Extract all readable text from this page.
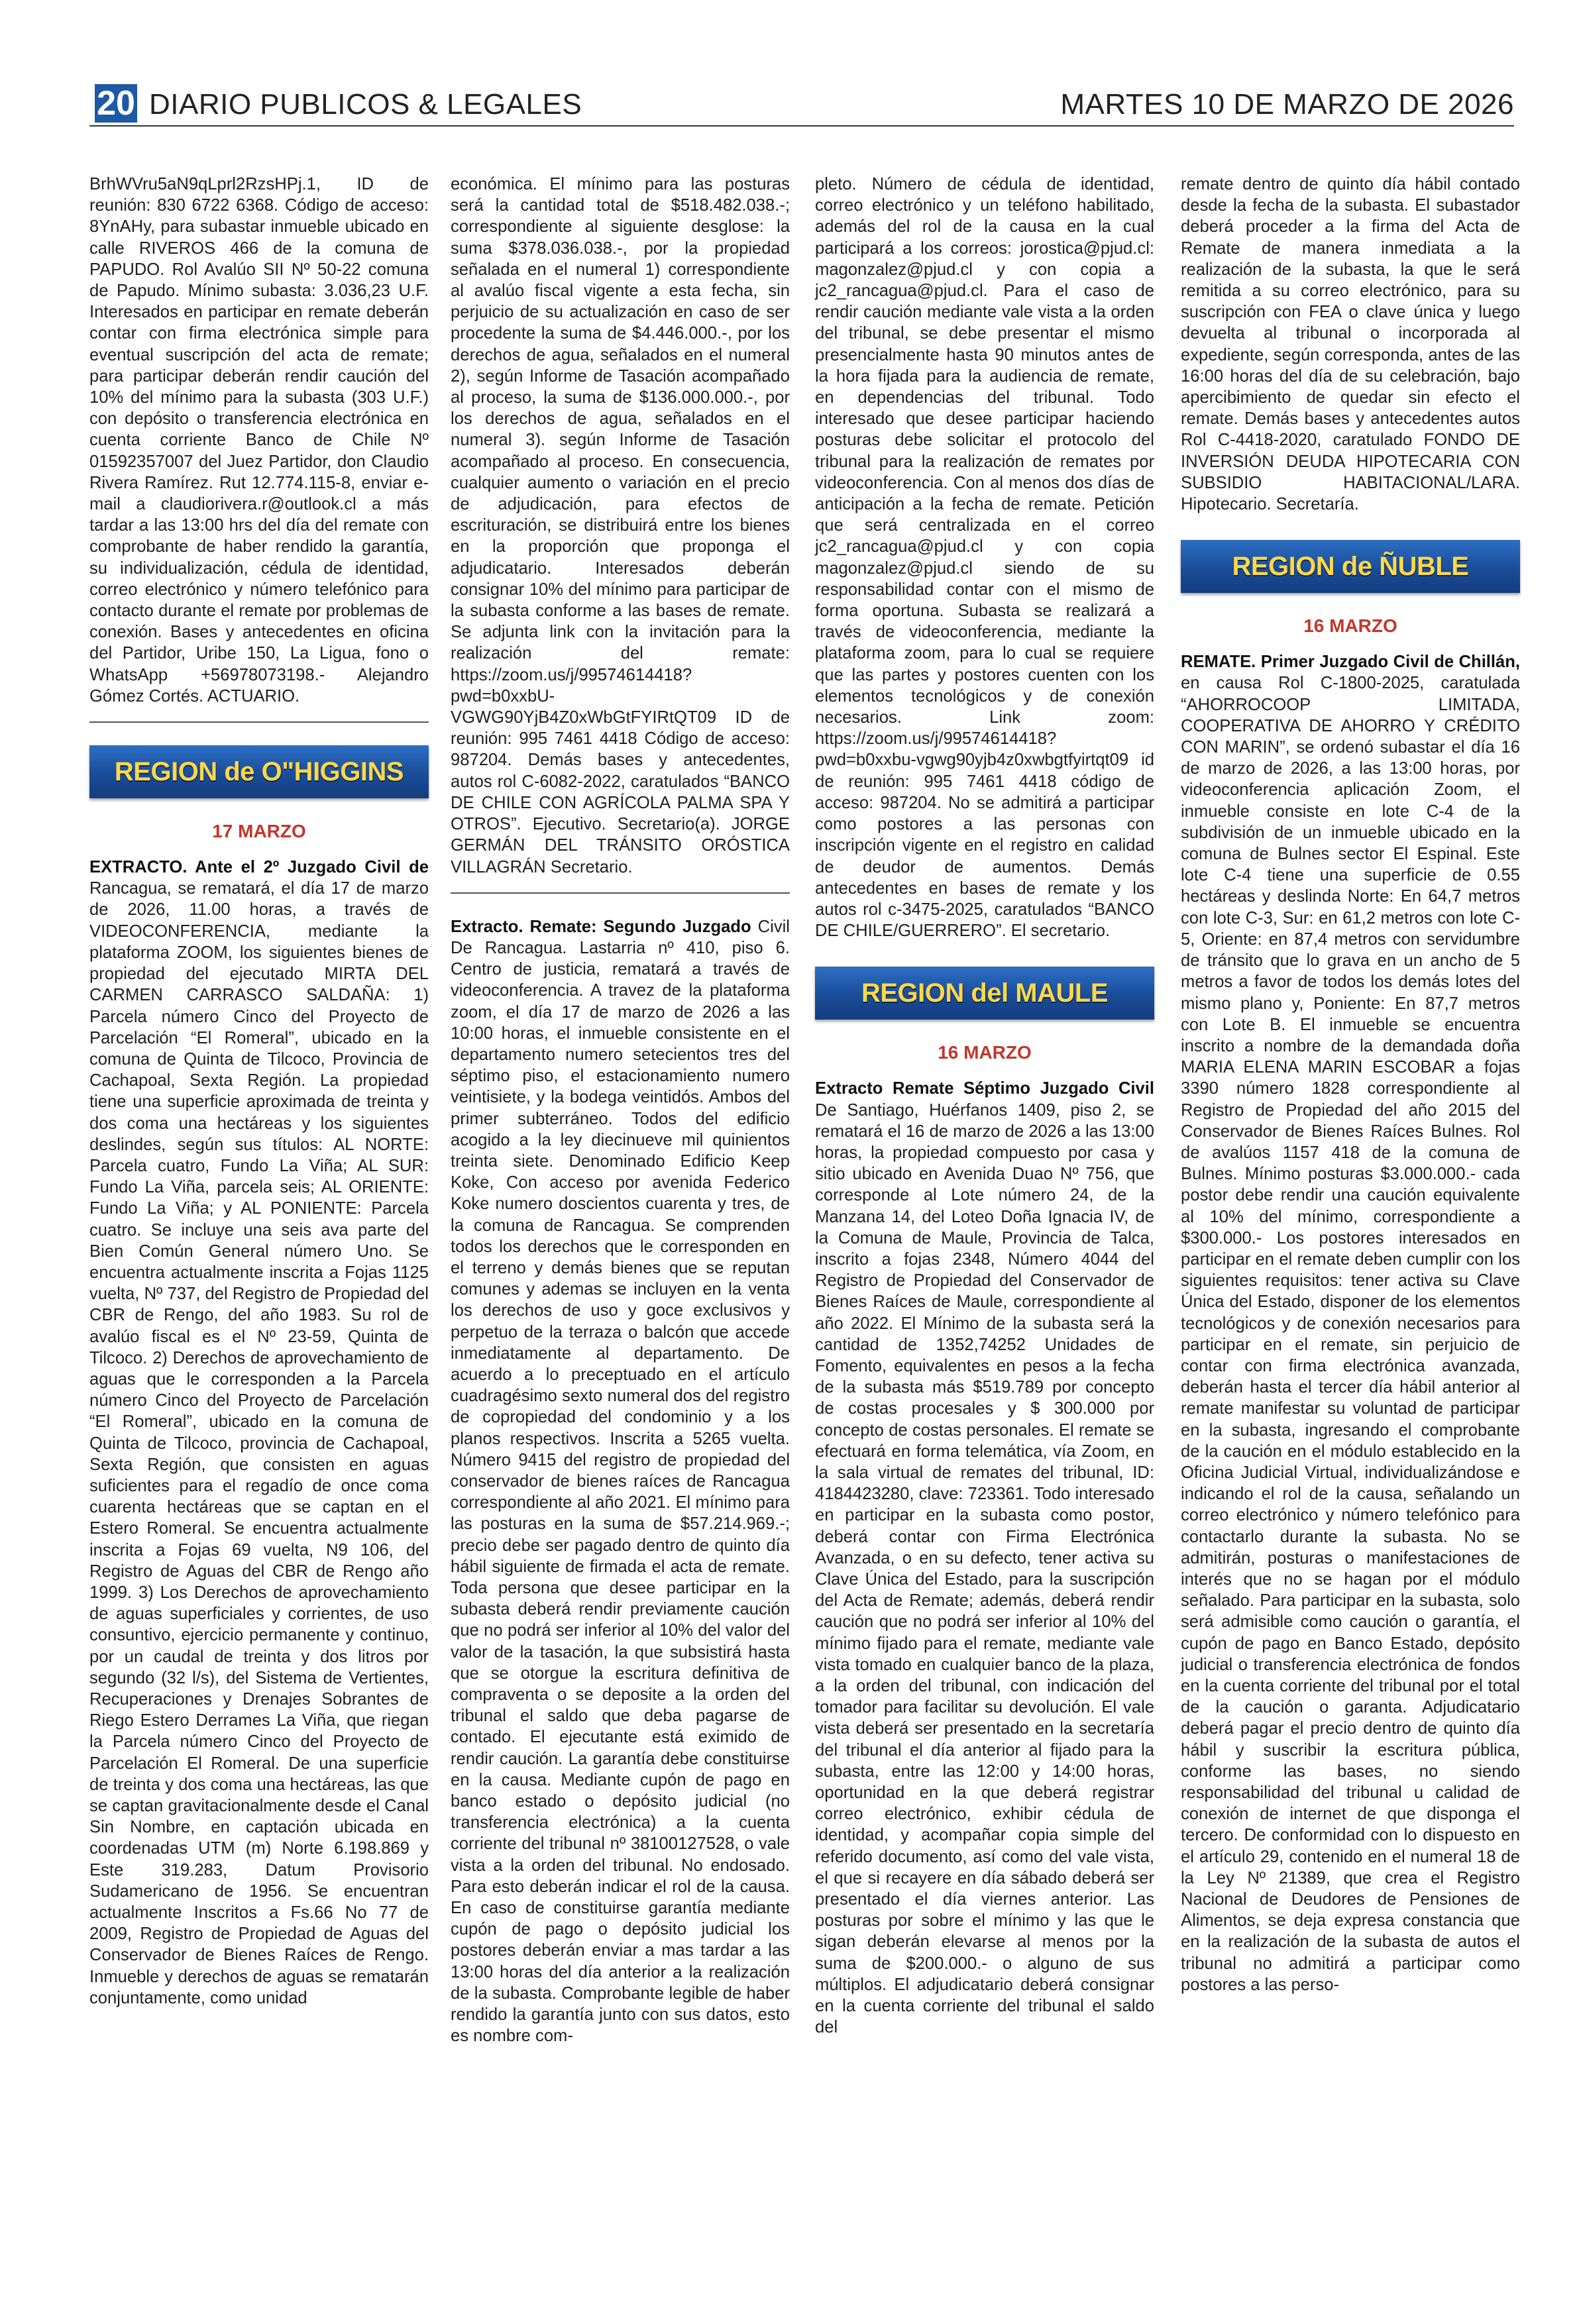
20 DIARIO PUBLICOS & LEGALES	MARTES 10 DE MARZO DE 2026

BrhWVru5aN9qLprl2RzsHPj.1, ID de reunión: 830 6722 6368. Código de acceso: 8YnAHy, para subastar inmueble ubicado en calle RIVEROS 466 de la comuna de PAPUDO. Rol Avalúo SII Nº 50-22 comuna de Papudo. Mínimo subasta: 3.036,23 U.F. Interesados en participar en remate deberán contar con firma electrónica simple para eventual suscripción del acta de remate; para participar deberán rendir caución del 10% del mínimo para la subasta (303 U.F.) con depósito o transferencia electrónica en cuenta corriente Banco de Chile Nº 01592357007 del Juez Partidor, don Claudio Rivera Ramírez. Rut 12.774.115-8, enviar e-mail a claudiorivera.r@outlook.cl a más tardar a las 13:00 hrs del día del remate con comprobante de haber rendido la garantía, su individualización, cédula de identidad, correo electrónico y número telefónico para contacto durante el remate por problemas de conexión. Bases y antecedentes en oficina del Partidor, Uribe 150, La Ligua, fono o WhatsApp +56978073198.- Alejandro Gómez Cortés. ACTUARIO.

REGION de O"HIGGINS
17 MARZO

EXTRACTO. Ante el 2º Juzgado Civil de Rancagua, se rematará, el día 17 de marzo de 2026, 11.00 horas, a través de VIDEOCONFERENCIA, mediante la plataforma ZOOM, los siguientes bienes de propiedad del ejecutado MIRTA DEL CARMEN CARRASCO SALDAÑA: 1) Parcela número Cinco del Proyecto de Parcelación “El Romeral”, ubicado en la comuna de Quinta de Tilcoco, Provincia de Cachapoal, Sexta Región. La propiedad tiene una superficie aproximada de treinta y dos coma una hectáreas y los siguientes deslindes, según sus títulos: AL NORTE: Parcela cuatro, Fundo La Viña; AL SUR: Fundo La Viña, parcela seis; AL ORIENTE: Fundo La Viña; y AL PONIENTE: Parcela cuatro. Se incluye una seis ava parte del Bien Común General número Uno. Se encuentra actualmente inscrita a Fojas 1125 vuelta, Nº 737, del Registro de Propiedad del CBR de Rengo, del año 1983. Su rol de avalúo fiscal es el Nº 23-59, Quinta de Tilcoco. 2) Derechos de aprovechamiento de aguas que le corresponden a la Parcela número Cinco del Proyecto de Parcelación “El Romeral”, ubicado en la comuna de Quinta de Tilcoco, provincia de Cachapoal, Sexta Región, que consisten en aguas suficientes para el regadío de once coma cuarenta hectáreas que se captan en el Estero Romeral. Se encuentra actualmente inscrita a Fojas 69 vuelta, N9 106, del Registro de Aguas del CBR de Rengo año 1999. 3) Los Derechos de aprovechamiento de aguas superficiales y corrientes, de uso consuntivo, ejercicio permanente y continuo, por un caudal de treinta y dos litros por segundo (32 l/s), del Sistema de Vertientes, Recuperaciones y Drenajes Sobrantes de Riego Estero Derrames La Viña, que riegan la Parcela número Cinco del Proyecto de Parcelación El Romeral. De una superficie de treinta y dos coma una hectáreas, las que se captan gravitacionalmente desde el Canal Sin Nombre, en captación ubicada en coordenadas UTM (m) Norte 6.198.869 y Este 319.283, Datum Provisorio Sudamericano de 1956. Se encuentran actualmente Inscritos a Fs.66 No 77 de 2009, Registro de Propiedad de Aguas del Conservador de Bienes Raíces de Rengo. Inmueble y derechos de aguas se rematarán conjuntamente, como unidad

económica. El mínimo para las posturas será la cantidad total de $518.482.038.-; correspondiente al siguiente desglose: la suma $378.036.038.-, por la propiedad señalada en el numeral 1) correspondiente al avalúo fiscal vigente a esta fecha, sin perjuicio de su actualización en caso de ser procedente la suma de $4.446.000.-, por los derechos de agua, señalados en el numeral 2), según Informe de Tasación acompañado al proceso, la suma de $136.000.000.-, por los derechos de agua, señalados en el numeral 3). según Informe de Tasación acompañado al proceso. En consecuencia, cualquier aumento o variación en el precio de adjudicación, para efectos de escrituración, se distribuirá entre los bienes en la proporción que proponga el adjudicatario. Interesados deberán consignar 10% del mínimo para participar de la subasta conforme a las bases de remate. Se adjunta link con la invitación para la realización del remate: https://zoom.us/j/99574614418?pwd=b0xxbU-VGWG90YjB4Z0xWbGtFYIRtQT09 ID de reunión: 995 7461 4418 Código de acceso: 987204. Demás bases y antecedentes, autos rol C-6082-2022, caratulados “BANCO DE CHILE CON AGRÍCOLA PALMA SPA Y OTROS”. Ejecutivo. Secretario(a). JORGE GERMÁN DEL TRÁNSITO ORÓSTICA VILLAGRÁN Secretario.

Extracto. Remate: Segundo Juzgado Civil De Rancagua. Lastarria nº 410, piso 6. Centro de justicia, rematará a través de videoconferencia. A travez de la plataforma zoom, el día 17 de marzo de 2026 a las 10:00 horas, el inmueble consistente en el departamento numero setecientos tres del séptimo piso, el estacionamiento numero veintisiete, y la bodega veintidós. Ambos del primer subterráneo. Todos del edificio acogido a la ley diecinueve mil quinientos treinta siete. Denominado Edificio Keep Koke, Con acceso por avenida Federico Koke numero doscientos cuarenta y tres, de la comuna de Rancagua. Se comprenden todos los derechos que le corresponden en el terreno y demás bienes que se reputan comunes y ademas se incluyen en la venta los derechos de uso y goce exclusivos y perpetuo de la terraza o balcón que accede inmediatamente al departamento. De acuerdo a lo preceptuado en el artículo cuadragésimo sexto numeral dos del registro de copropiedad del condominio y a los planos respectivos. Inscrita a 5265 vuelta. Número 9415 del registro de propiedad del conservador de bienes raíces de Rancagua correspondiente al año 2021. El mínimo para las posturas en la suma de $57.214.969.-; precio debe ser pagado dentro de quinto día hábil siguiente de firmada el acta de remate. Toda persona que desee participar en la subasta deberá rendir previamente caución que no podrá ser inferior al 10% del valor del valor de la tasación, la que subsistirá hasta que se otorgue la escritura definitiva de compraventa o se deposite a la orden del tribunal el saldo que deba pagarse de contado. El ejecutante está eximido de rendir caución. La garantía debe constituirse en la causa. Mediante cupón de pago en banco estado o depósito judicial (no transferencia electrónica) a la cuenta corriente del tribunal nº 38100127528, o vale vista a la orden del tribunal. No endosado. Para esto deberán indicar el rol de la causa. En caso de constituirse garantía mediante cupón de pago o depósito judicial los postores deberán enviar a mas tardar a las 13:00 horas del día anterior a la realización de la subasta. Comprobante legible de haber rendido la garantía junto con sus datos, esto es nombre com-

pleto. Número de cédula de identidad, correo electrónico y un teléfono habilitado, además del rol de la causa en la cual participará a los correos: jorostica@pjud.cl: magonzalez@pjud.cl y con copia a jc2_rancagua@pjud.cl. Para el caso de rendir caución mediante vale vista a la orden del tribunal, se debe presentar el mismo presencialmente hasta 90 minutos antes de la hora fijada para la audiencia de remate, en dependencias del tribunal. Todo interesado que desee participar haciendo posturas debe solicitar el protocolo del tribunal para la realización de remates por videoconferencia. Con al menos dos días de anticipación a la fecha de remate. Petición que será centralizada en el correo jc2_rancagua@pjud.cl y con copia magonzalez@pjud.cl siendo de su responsabilidad contar con el mismo de forma oportuna. Subasta se realizará a través de videoconferencia, mediante la plataforma zoom, para lo cual se requiere que las partes y postores cuenten con los elementos tecnológicos y de conexión necesarios. Link zoom: https://zoom.us/j/99574614418?pwd=b0xxbu-vgwg90yjb4z0xwbgtfyirtqt09 id de reunión: 995 7461 4418 código de acceso: 987204. No se admitirá a participar como postores a las personas con inscripción vigente en el registro en calidad de deudor de aumentos. Demás antecedentes en bases de remate y los autos rol c-3475-2025, caratulados “BANCO DE CHILE/GUERRERO”. El secretario.

REGION del MAULE
16 MARZO

Extracto Remate Séptimo Juzgado Civil De Santiago, Huérfanos 1409, piso 2, se rematará el 16 de marzo de 2026 a las 13:00 horas, la propiedad compuesto por casa y sitio ubicado en Avenida Duao Nº 756, que corresponde al Lote número 24, de la Manzana 14, del Loteo Doña Ignacia IV, de la Comuna de Maule, Provincia de Talca, inscrito a fojas 2348, Número 4044 del Registro de Propiedad del Conservador de Bienes Raíces de Maule, correspondiente al año 2022. El Mínimo de la subasta será la cantidad de 1352,74252 Unidades de Fomento, equivalentes en pesos a la fecha de la subasta más $519.789 por concepto de costas procesales y $ 300.000 por concepto de costas personales. El remate se efectuará en forma telemática, vía Zoom, en la sala virtual de remates del tribunal, ID: 4184423280, clave: 723361. Todo interesado en participar en la subasta como postor, deberá contar con Firma Electrónica Avanzada, o en su defecto, tener activa su Clave Única del Estado, para la suscripción del Acta de Remate; además, deberá rendir caución que no podrá ser inferior al 10% del mínimo fijado para el remate, mediante vale vista tomado en cualquier banco de la plaza, a la orden del tribunal, con indicación del tomador para facilitar su devolución. El vale vista deberá ser presentado en la secretaría del tribunal el día anterior al fijado para la subasta, entre las 12:00 y 14:00 horas, oportunidad en la que deberá registrar correo electrónico, exhibir cédula de identidad, y acompañar copia simple del referido documento, así como del vale vista, el que si recayere en día sábado deberá ser presentado el día viernes anterior. Las posturas por sobre el mínimo y las que le sigan deberán elevarse al menos por la suma de $200.000.- o alguno de sus múltiplos. El adjudicatario deberá consignar en la cuenta corriente del tribunal el saldo del

remate dentro de quinto día hábil contado desde la fecha de la subasta. El subastador deberá proceder a la firma del Acta de Remate de manera inmediata a la realización de la subasta, la que le será remitida a su correo electrónico, para su suscripción con FEA o clave única y luego devuelta al tribunal o incorporada al expediente, según corresponda, antes de las 16:00 horas del día de su celebración, bajo apercibimiento de quedar sin efecto el remate. Demás bases y antecedentes autos Rol C-4418-2020, caratulado FONDO DE INVERSIÓN DEUDA HIPOTECARIA CON SUBSIDIO HABITACIONAL/LARA. Hipotecario. Secretaría.

REGION de ÑUBLE
16 MARZO

REMATE. Primer Juzgado Civil de Chillán, en causa Rol C-1800-2025, caratulada “AHORROCOOP LIMITADA, COOPERATIVA DE AHORRO Y CRÉDITO CON MARIN”, se ordenó subastar el día 16 de marzo de 2026, a las 13:00 horas, por videoconferencia aplicación Zoom, el inmueble consiste en lote C-4 de la subdivisión de un inmueble ubicado en la comuna de Bulnes sector El Espinal. Este lote C-4 tiene una superficie de 0.55 hectáreas y deslinda Norte: En 64,7 metros con lote C-3, Sur: en 61,2 metros con lote C-5, Oriente: en 87,4 metros con servidumbre de tránsito que lo grava en un ancho de 5 metros a favor de todos los demás lotes del mismo plano y, Poniente: En 87,7 metros con Lote B. El inmueble se encuentra inscrito a nombre de la demandada doña MARIA ELENA MARIN ESCOBAR a fojas 3390 número 1828 correspondiente al Registro de Propiedad del año 2015 del Conservador de Bienes Raíces Bulnes. Rol de avalúos 1157 418 de la comuna de Bulnes. Mínimo posturas $3.000.000.- cada postor debe rendir una caución equivalente al 10% del mínimo, correspondiente a $300.000.- Los postores interesados en participar en el remate deben cumplir con los siguientes requisitos: tener activa su Clave Única del Estado, disponer de los elementos tecnológicos y de conexión necesarios para participar en el remate, sin perjuicio de contar con firma electrónica avanzada, deberán hasta el tercer día hábil anterior al remate manifestar su voluntad de participar en la subasta, ingresando el comprobante de la caución en el módulo establecido en la Oficina Judicial Virtual, individualizándose e indicando el rol de la causa, señalando un correo electrónico y número telefónico para contactarlo durante la subasta. No se admitirán, posturas o manifestaciones de interés que no se hagan por el módulo señalado. Para participar en la subasta, solo será admisible como caución o garantía, el cupón de pago en Banco Estado, depósito judicial o transferencia electrónica de fondos en la cuenta corriente del tribunal por el total de la caución o garanta. Adjudicatario deberá pagar el precio dentro de quinto día hábil y suscribir la escritura pública, conforme las bases, no siendo responsabilidad del tribunal u calidad de conexión de internet de que disponga el tercero. De conformidad con lo dispuesto en el artículo 29, contenido en el numeral 18 de la Ley Nº 21389, que crea el Registro Nacional de Deudores de Pensiones de Alimentos, se deja expresa constancia que en la realización de la subasta de autos el tribunal no admitirá a participar como postores a las perso-
